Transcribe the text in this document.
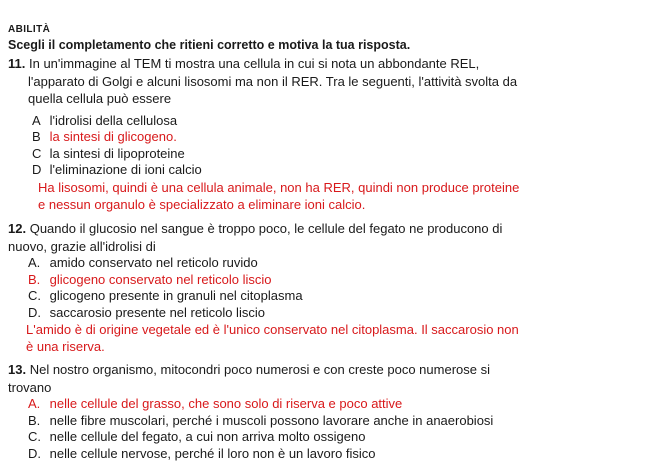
ABILITÀ
Scegli il completamento che ritieni corretto e motiva la tua risposta.
11. In un'immagine al TEM ti mostra una cellula in cui si nota un abbondante REL,
l'apparato di Golgi e alcuni lisosomi ma non il RER. Tra le seguenti, l'attività svolta da
quella cellula può essere
A
l'idrolisi della cellulosa
B
la sintesi di glicogeno.
C
la sintesi di lipoproteine
D
l'eliminazione di ioni calcio
Ha lisosomi, quindi è una cellula animale, non ha RER, quindi non produce proteine
e nessun organulo è specializzato a eliminare ioni calcio.
12. Quando il glucosio nel sangue è troppo poco, le cellule del fegato ne producono di
nuovo, grazie all'idrolisi di
A.
amido conservato nel reticolo ruvido
B.
glicogeno conservato nel reticolo liscio
C.
glicogeno presente in granuli nel citoplasma
D.
saccarosio presente nel reticolo liscio
L'amido è di origine vegetale ed è l'unico conservato nel citoplasma. Il saccarosio non
è una riserva.
13. Nel nostro organismo, mitocondri poco numerosi e con creste poco numerose si
trovano
A.
nelle cellule del grasso, che sono solo di riserva e poco attive
B.
nelle fibre muscolari, perché i muscoli possono lavorare anche in anaerobiosi
C.
nelle cellule del fegato, a cui non arriva molto ossigeno
D.
nelle cellule nervose, perché il loro non è un lavoro fisico
